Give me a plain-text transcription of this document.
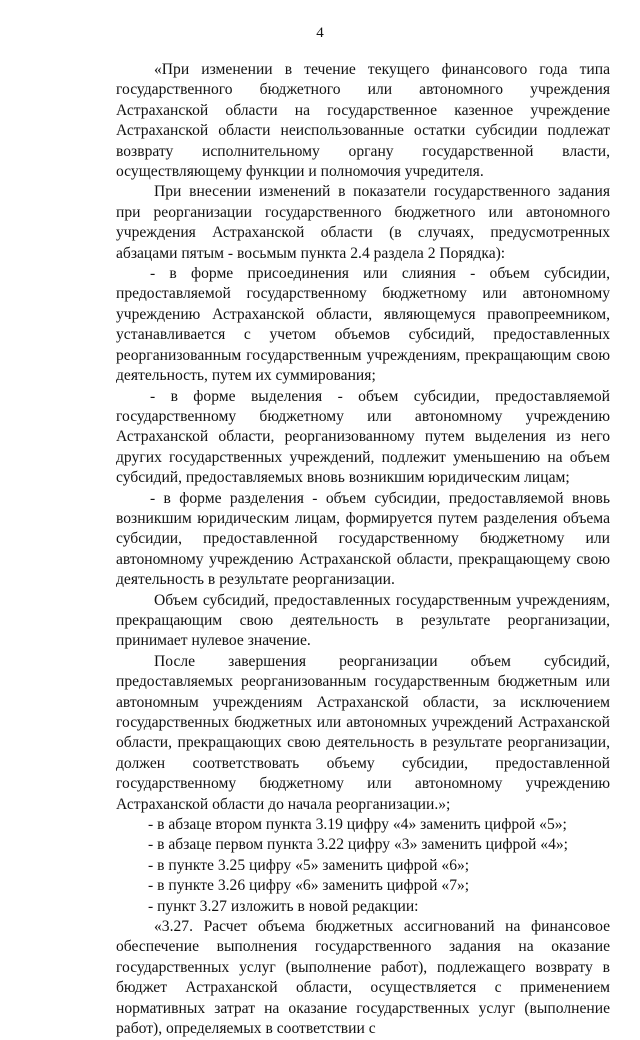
4

«При изменении в течение текущего финансового года типа государственного бюджетного или автономного учреждения Астраханской области на государственное казенное учреждение Астраханской области неиспользованные остатки субсидии подлежат возврату исполнительному органу государственной власти, осуществляющему функции и полномочия учредителя.

При внесении изменений в показатели государственного задания при реорганизации государственного бюджетного или автономного учреждения Астраханской области (в случаях, предусмотренных абзацами пятым - восьмым пункта 2.4 раздела 2 Порядка):

- в форме присоединения или слияния - объем субсидии, предоставляемой государственному бюджетному или автономному учреждению Астраханской области, являющемуся правопреемником, устанавливается с учетом объемов субсидий, предоставленных реорганизованным государственным учреждениям, прекращающим свою деятельность, путем их суммирования;

- в форме выделения - объем субсидии, предоставляемой государственному бюджетному или автономному учреждению Астраханской области, реорганизованному путем выделения из него других государственных учреждений, подлежит уменьшению на объем субсидий, предоставляемых вновь возникшим юридическим лицам;

- в форме разделения - объем субсидии, предоставляемой вновь возникшим юридическим лицам, формируется путем разделения объема субсидии, предоставленной государственному бюджетному или автономному учреждению Астраханской области, прекращающему свою деятельность в результате реорганизации.

Объем субсидий, предоставленных государственным учреждениям, прекращающим свою деятельность в результате реорганизации, принимает нулевое значение.

После завершения реорганизации объем субсидий, предоставляемых реорганизованным государственным бюджетным или автономным учреждениям Астраханской области, за исключением государственных бюджетных или автономных учреждений Астраханской области, прекращающих свою деятельность в результате реорганизации, должен соответствовать объему субсидии, предоставленной государственному бюджетному или автономному учреждению Астраханской области до начала реорганизации.»;

- в абзаце втором пункта 3.19 цифру «4» заменить цифрой «5»;

- в абзаце первом пункта 3.22 цифру «3» заменить цифрой «4»;

- в пункте 3.25 цифру «5» заменить цифрой «6»;

- в пункте 3.26 цифру «6» заменить цифрой «7»;

- пункт 3.27 изложить в новой редакции:

«3.27. Расчет объема бюджетных ассигнований на финансовое обеспечение выполнения государственного задания на оказание государственных услуг (выполнение работ), подлежащего возврату в бюджет Астраханской области, осуществляется с применением нормативных затрат на оказание государственных услуг (выполнение работ), определяемых в соответствии с
